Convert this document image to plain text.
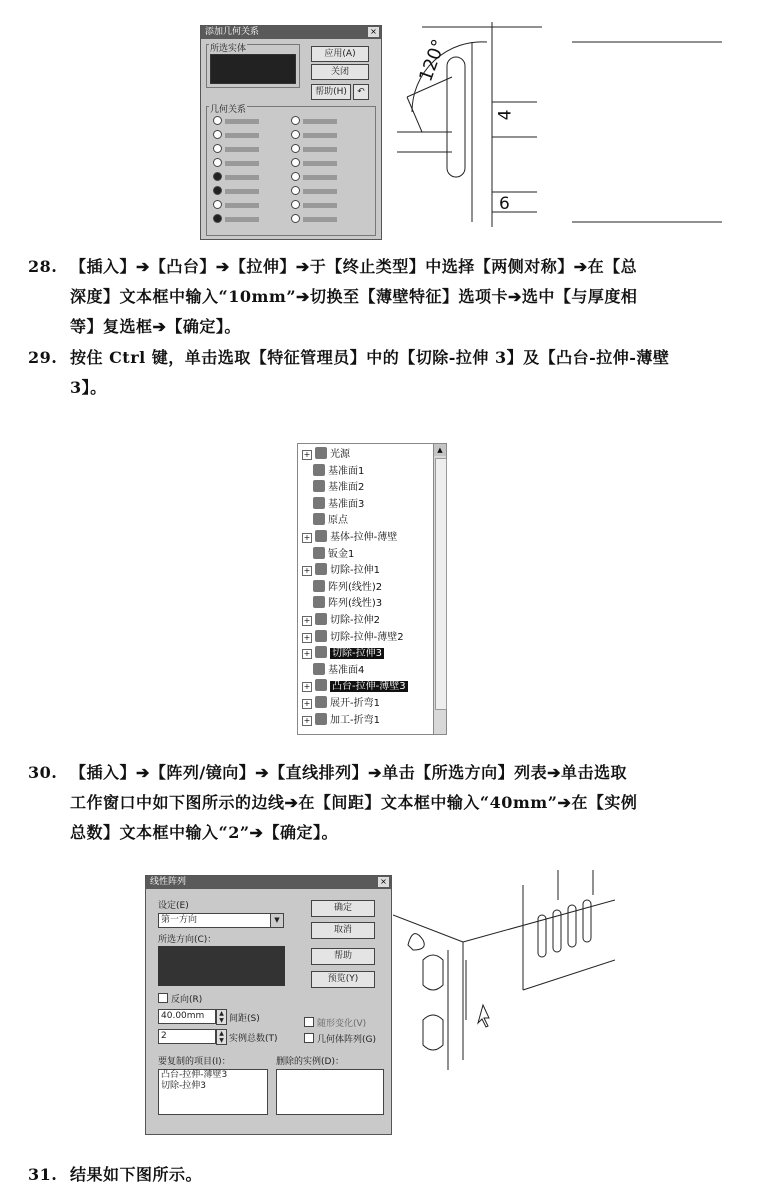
添加几何关系	×
所选实体	应用(A)
关闭
帮助(H)	↶
几何关系
120°
4
6
28. 【插入】➔【凸台】➔【拉伸】➔于【终止类型】中选择【两侧对称】➔在【总
深度】文本框中输入“10mm”➔切换至【薄壁特征】选项卡➔选中【与厚度相
等】复选框➔【确定】。
29. 按住 Ctrl 键，单击选取【特征管理员】中的【切除-拉伸 3】及【凸台-拉伸-薄壁
3】。
+ 光源
基准面1
基准面2
基准面3
原点
+ 基体-拉伸-薄壁
钣金1
+ 切除-拉伸1
阵列(线性)2
阵列(线性)3
+ 切除-拉伸2
+ 切除-拉伸-薄壁2
+ 切除-拉伸3
基准面4
+ 凸台-拉伸-薄壁3
+ 展开-折弯1
+ 加工-折弯1
▲
30. 【插入】➔【阵列/镜向】➔【直线排列】➔单击【所选方向】列表➔单击选取
工作窗口中如下图所示的边线➔在【间距】文本框中输入“40mm”➔在【实例
总数】文本框中输入“2”➔【确定】。
线性阵列	×
设定(E)
第一方向	▼
所选方向(C)：
确定
取消
帮助
预览(Y)
反向(R)
40.00mm	▲
▼ 间距(S)
2	▲
▼ 实例总数(T)
随形变化(V)
几何体阵列(G)
要复制的项目(I)：	删除的实例(D)：
凸台-拉伸-薄壁3
切除-拉伸3
31. 结果如下图所示。
